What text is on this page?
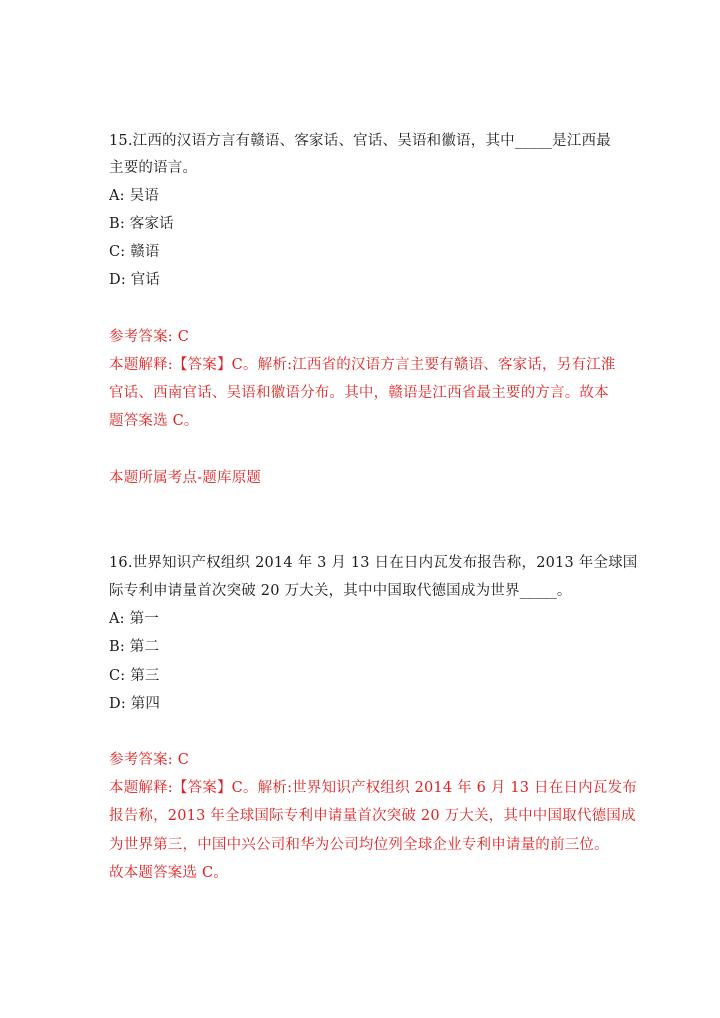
15.江西的汉语方言有赣语、客家话、官话、吴语和徽语，其中_____是江西最
主要的语言。
A: 吴语
B: 客家话
C: 赣语
D: 官话
参考答案: C
本题解释:【答案】C。解析:江西省的汉语方言主要有赣语、客家话，另有江淮
官话、西南官话、吴语和徽语分布。其中，赣语是江西省最主要的方言。故本
题答案选 C。
本题所属考点-题库原题
16.世界知识产权组织 2014 年 3 月 13 日在日内瓦发布报告称，2013 年全球国
际专利申请量首次突破 20 万大关，其中中国取代德国成为世界_____。
A: 第一
B: 第二
C: 第三
D: 第四
参考答案: C
本题解释:【答案】C。解析:世界知识产权组织 2014 年 6 月 13 日在日内瓦发布
报告称，2013 年全球国际专利申请量首次突破 20 万大关，其中中国取代德国成
为世界第三，中国中兴公司和华为公司均位列全球企业专利申请量的前三位。
故本题答案选 C。
